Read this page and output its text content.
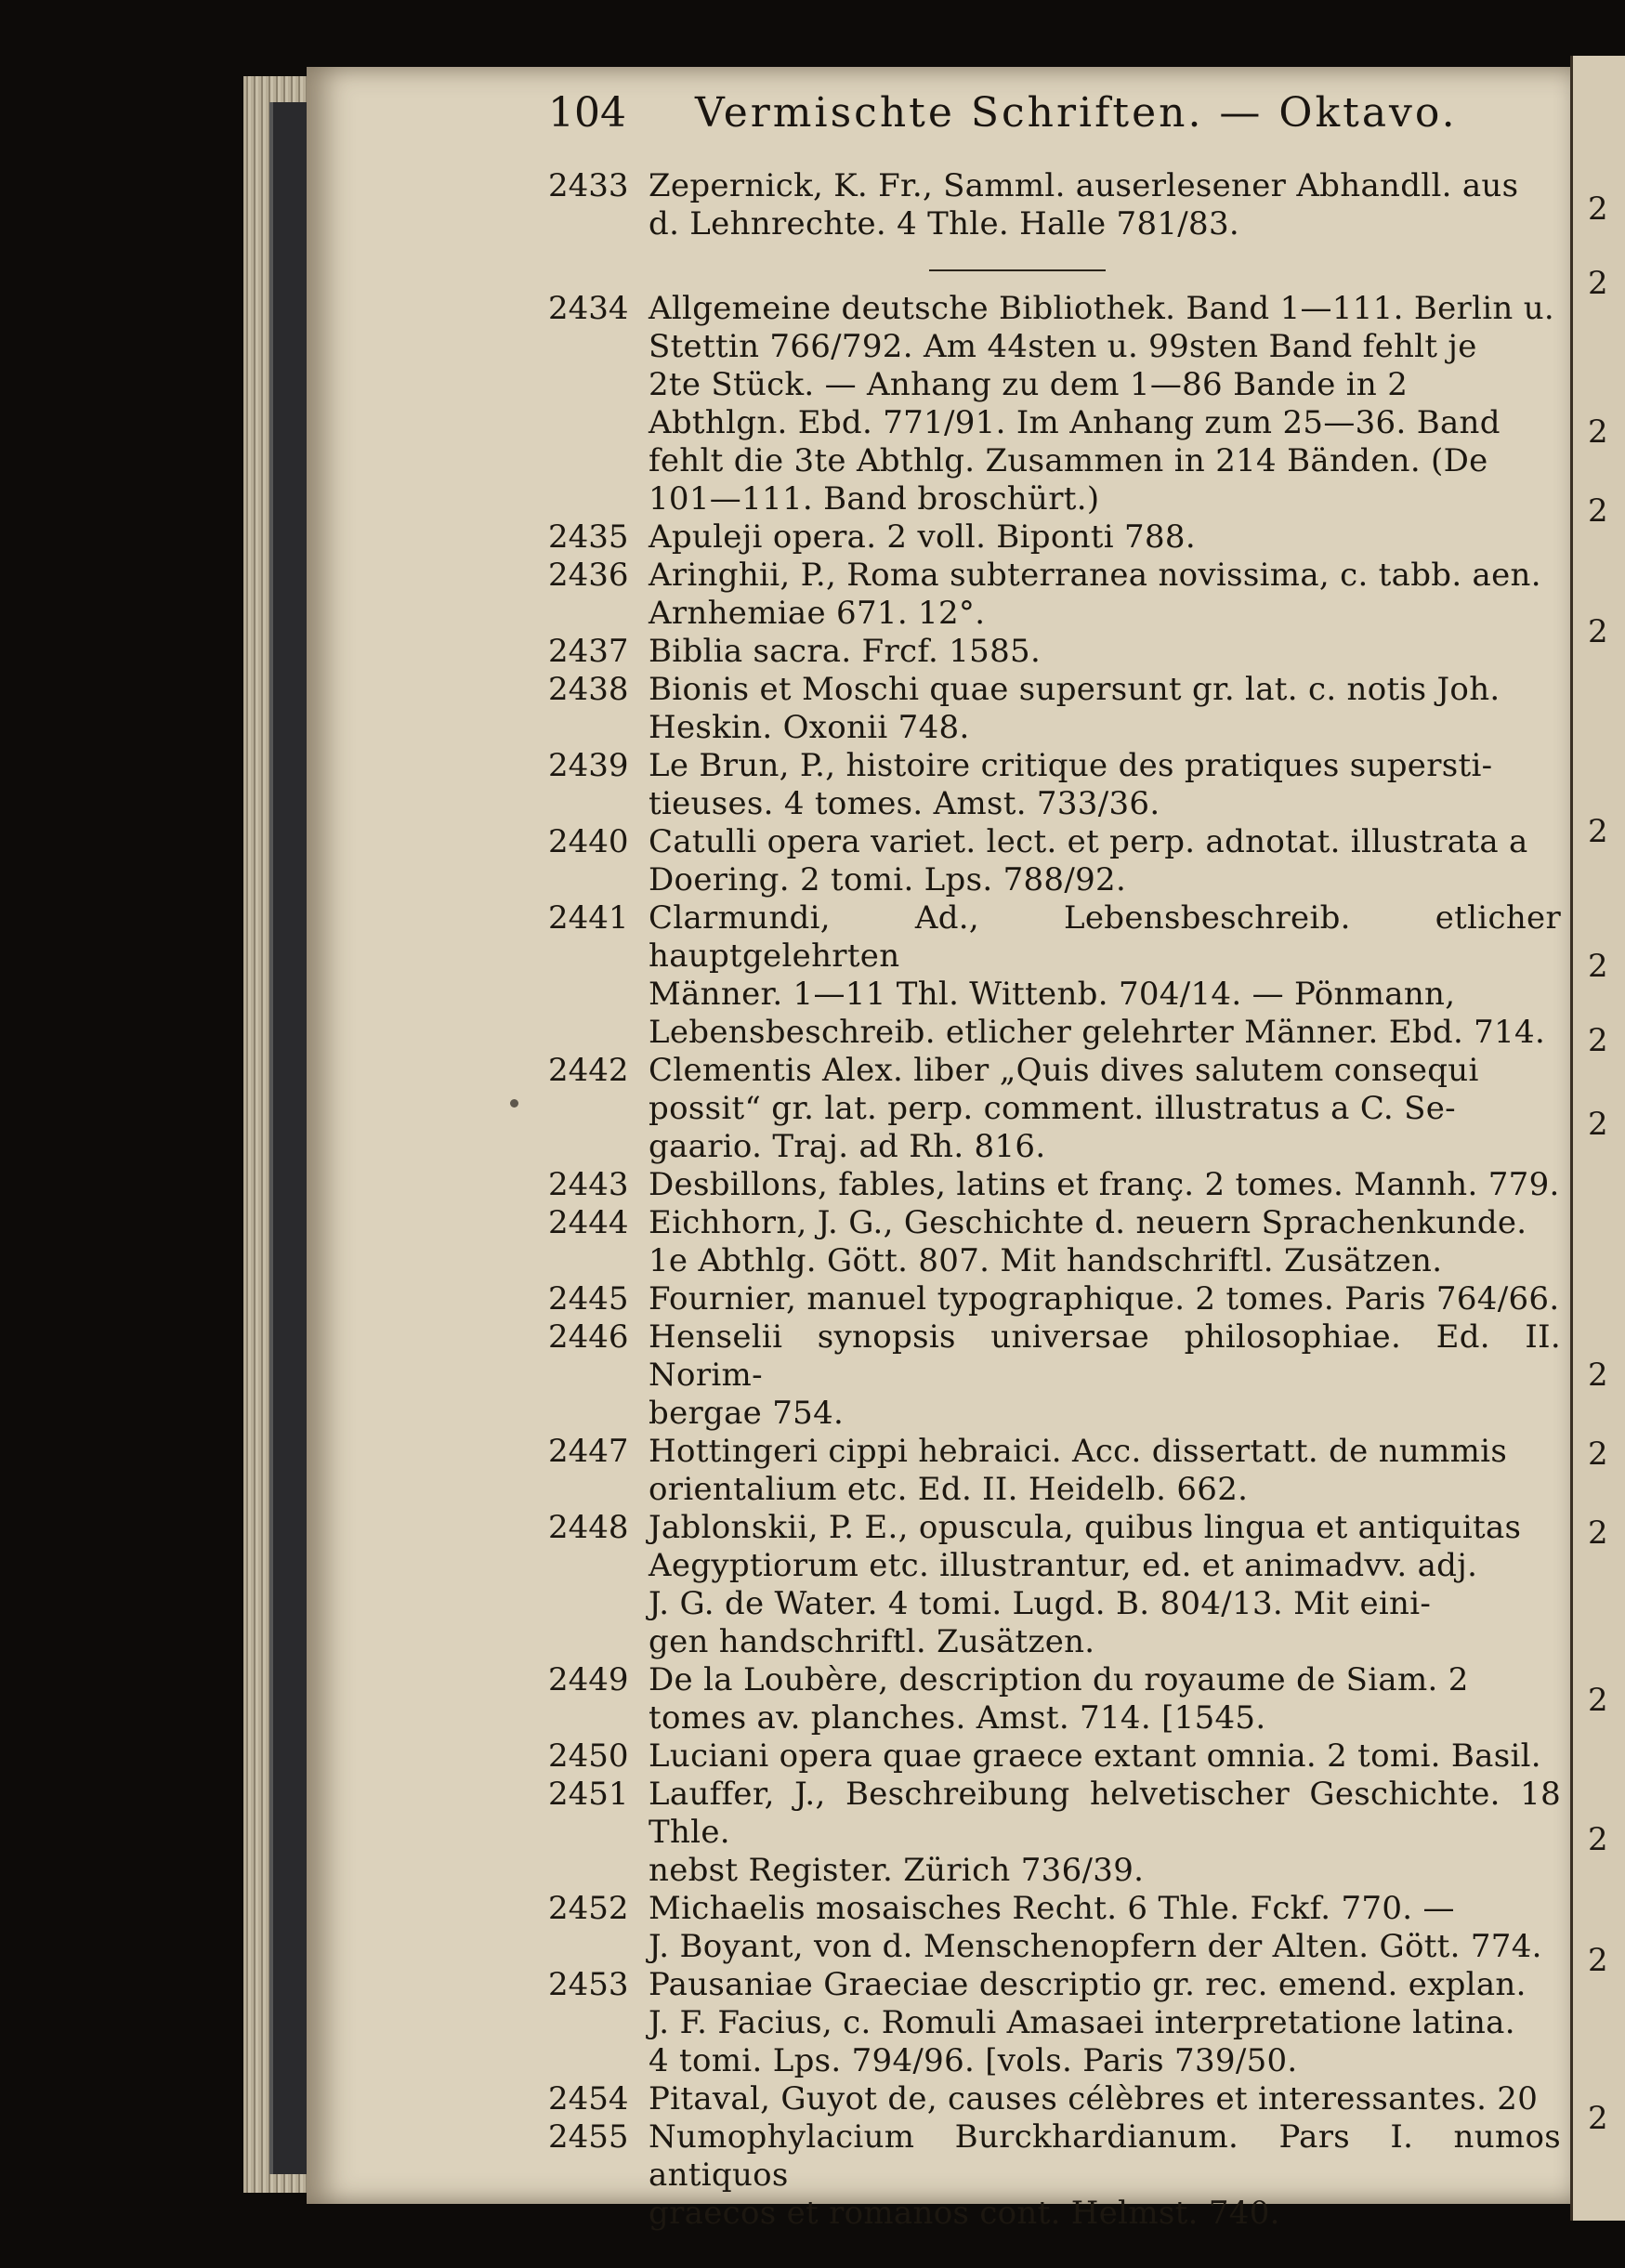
2
2
2
2
2
2
2
2
2
2
2
2
2
2
2
2
104 Vermischte Schriften. — Oktavo.
2433 Zepernick, K. Fr., Samml. auserlesener Abhandll. aus
d. Lehnrechte. 4 Thle. Halle 781/83.
2434 Allgemeine deutsche Bibliothek. Band 1—111. Berlin u.
Stettin 766/792. Am 44sten u. 99sten Band fehlt je
2te Stück. — Anhang zu dem 1—86 Bande in 2
Abthlgn. Ebd. 771/91. Im Anhang zum 25—36. Band
fehlt die 3te Abthlg. Zusammen in 214 Bänden. (De
101—111. Band broschürt.)
2435 Apuleji opera. 2 voll. Biponti 788.
2436 Aringhii, P., Roma subterranea novissima, c. tabb. aen.
Arnhemiae 671. 12°.
2437 Biblia sacra. Frcf. 1585.
2438 Bionis et Moschi quae supersunt gr. lat. c. notis Joh.
Heskin. Oxonii 748.
2439 Le Brun, P., histoire critique des pratiques supersti-
tieuses. 4 tomes. Amst. 733/36.
2440 Catulli opera variet. lect. et perp. adnotat. illustrata a
Doering. 2 tomi. Lps. 788/92.
2441 Clarmundi, Ad., Lebensbeschreib. etlicher hauptgelehrten
Männer. 1—11 Thl. Wittenb. 704/14. — Pönmann,
Lebensbeschreib. etlicher gelehrter Männer. Ebd. 714.
2442 Clementis Alex. liber „Quis dives salutem consequi
possit“ gr. lat. perp. comment. illustratus a C. Se-
gaario. Traj. ad Rh. 816.
2443 Desbillons, fables, latins et franç. 2 tomes. Mannh. 779.
2444 Eichhorn, J. G., Geschichte d. neuern Sprachenkunde.
1e Abthlg. Gött. 807. Mit handschriftl. Zusätzen.
2445 Fournier, manuel typographique. 2 tomes. Paris 764/66.
2446 Henselii synopsis universae philosophiae. Ed. II. Norim-
bergae 754.
2447 Hottingeri cippi hebraici. Acc. dissertatt. de nummis
orientalium etc. Ed. II. Heidelb. 662.
2448 Jablonskii, P. E., opuscula, quibus lingua et antiquitas
Aegyptiorum etc. illustrantur, ed. et animadvv. adj.
J. G. de Water. 4 tomi. Lugd. B. 804/13. Mit eini-
gen handschriftl. Zusätzen.
2449 De la Loubère, description du royaume de Siam. 2
tomes av. planches. Amst. 714. [1545.
2450 Luciani opera quae graece extant omnia. 2 tomi. Basil.
2451 Lauffer, J., Beschreibung helvetischer Geschichte. 18 Thle.
nebst Register. Zürich 736/39.
2452 Michaelis mosaisches Recht. 6 Thle. Fckf. 770. —
J. Boyant, von d. Menschenopfern der Alten. Gött. 774.
2453 Pausaniae Graeciae descriptio gr. rec. emend. explan.
J. F. Facius, c. Romuli Amasaei interpretatione latina.
4 tomi. Lps. 794/96. [vols. Paris 739/50.
2454 Pitaval, Guyot de, causes célèbres et interessantes. 20
2455 Numophylacium Burckhardianum. Pars I. numos antiquos
graecos et romanos cont. Helmst. 740.
